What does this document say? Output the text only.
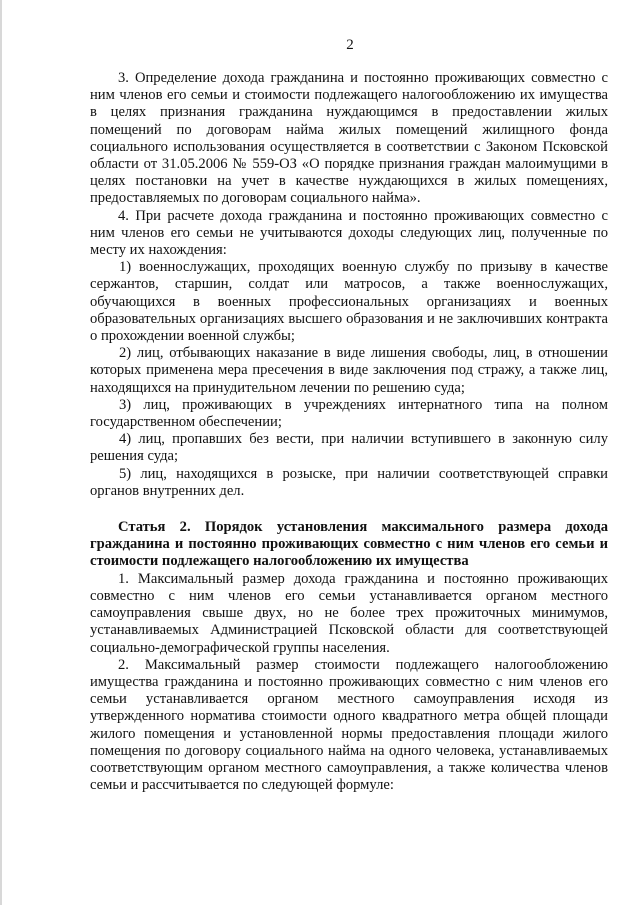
2

3. Определение дохода гражданина и постоянно проживающих совместно с ним членов его семьи и стоимости подлежащего налогообложению их имущества в целях признания гражданина нуждающимся в предоставлении жилых помещений по договорам найма жилых помещений жилищного фонда социального использования осуществляется в соответствии с Законом Псковской области от 31.05.2006 № 559-ОЗ «О порядке признания граждан малоимущими в целях постановки на учет в качестве нуждающихся в жилых помещениях, предоставляемых по договорам социального найма».

4. При расчете дохода гражданина и постоянно проживающих совместно с ним членов его семьи не учитываются доходы следующих лиц, полученные по месту их нахождения:

1) военнослужащих, проходящих военную службу по призыву в качестве сержантов, старшин, солдат или матросов, а также военнослужащих, обучающихся в военных профессиональных организациях и военных образовательных организациях высшего образования и не заключивших контракта о прохождении военной службы;

2) лиц, отбывающих наказание в виде лишения свободы, лиц, в отношении которых применена мера пресечения в виде заключения под стражу, а также лиц, находящихся на принудительном лечении по решению суда;

3) лиц, проживающих в учреждениях интернатного типа на полном государственном обеспечении;

4) лиц, пропавших без вести, при наличии вступившего в законную силу решения суда;

5) лиц, находящихся в розыске, при наличии соответствующей справки органов внутренних дел.

Статья 2. Порядок установления максимального размера дохода гражданина и постоянно проживающих совместно с ним членов его семьи и стоимости подлежащего налогообложению их имущества

1. Максимальный размер дохода гражданина и постоянно проживающих совместно с ним членов его семьи устанавливается органом местного самоуправления свыше двух, но не более трех прожиточных минимумов, устанавливаемых Администрацией Псковской области для соответствующей социально-демографической группы населения.

2. Максимальный размер стоимости подлежащего налогообложению имущества гражданина и постоянно проживающих совместно с ним членов его семьи устанавливается органом местного самоуправления исходя из утвержденного норматива стоимости одного квадратного метра общей площади жилого помещения и установленной нормы предоставления площади жилого помещения по договору социального найма на одного человека, устанавливаемых соответствующим органом местного самоуправления, а также количества членов семьи и рассчитывается по следующей формуле:
